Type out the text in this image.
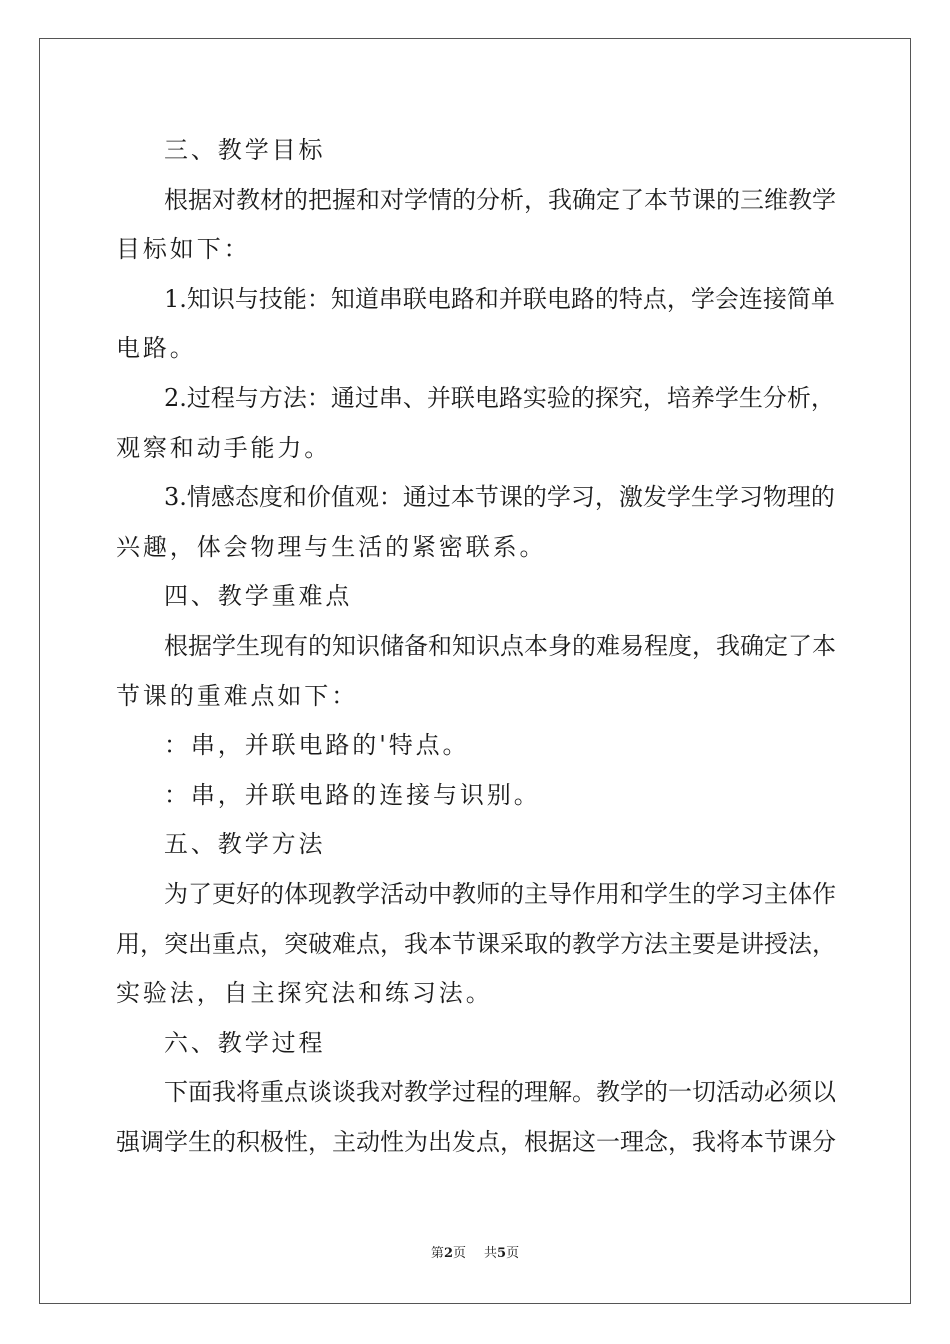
三、教学目标
根据对教材的把握和对学情的分析，我确定了本节课的三维教学
目标如下：
1.知识与技能：知道串联电路和并联电路的特点，学会连接简单
电路。
2.过程与方法：通过串、并联电路实验的探究，培养学生分析，
观察和动手能力。
3.情感态度和价值观：通过本节课的学习，激发学生学习物理的
兴趣，体会物理与生活的紧密联系。
四、教学重难点
根据学生现有的知识储备和知识点本身的难易程度，我确定了本
节课的重难点如下：
：串，并联电路的'特点。
：串，并联电路的连接与识别。
五、教学方法
为了更好的体现教学活动中教师的主导作用和学生的学习主体作
用，突出重点，突破难点，我本节课采取的教学方法主要是讲授法，
实验法，自主探究法和练习法。
六、教学过程
下面我将重点谈谈我对教学过程的理解。教学的一切活动必须以
强调学生的积极性，主动性为出发点，根据这一理念，我将本节课分
第2页 共5页
